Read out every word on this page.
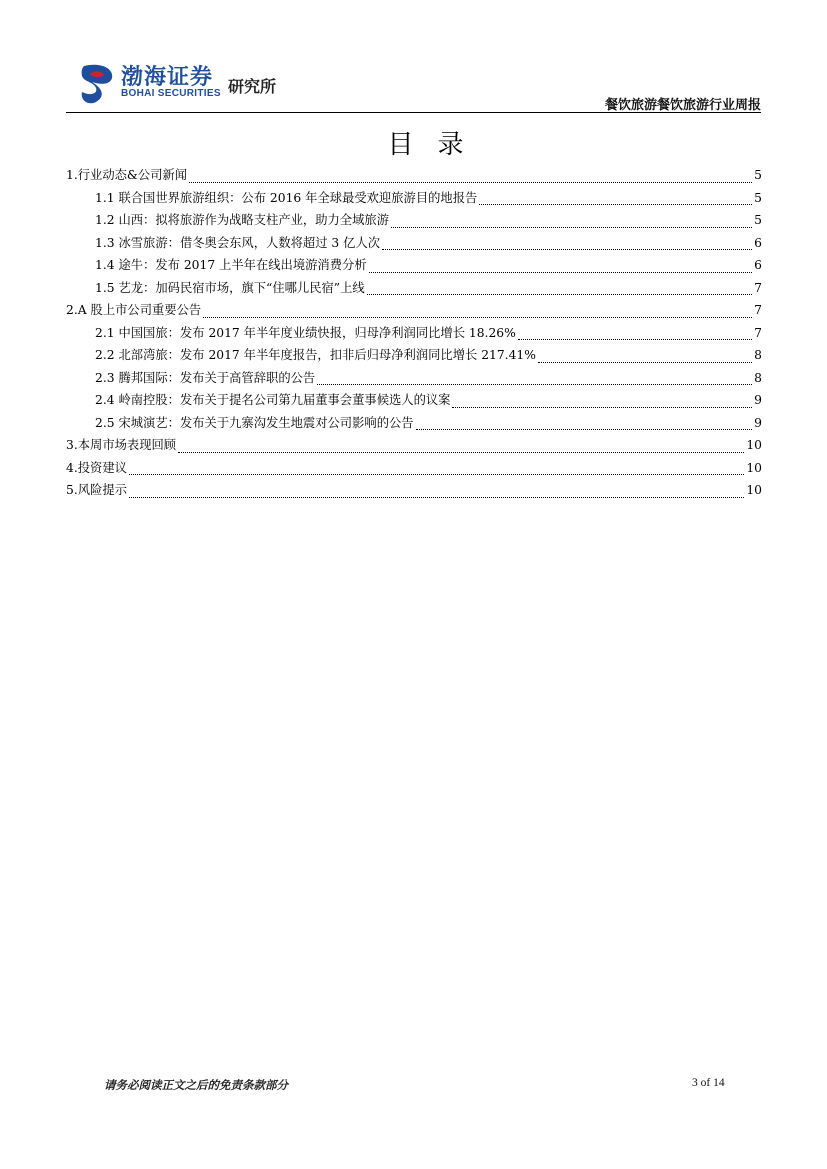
渤海证券
BOHAI SECURITIES 研究所
餐饮旅游餐饮旅游行业周报
目录
1.行业动态&公司新闻	5
1.1 联合国世界旅游组织：公布 2016 年全球最受欢迎旅游目的地报告	5
1.2 山西：拟将旅游作为战略支柱产业，助力全域旅游	5
1.3 冰雪旅游：借冬奥会东风，人数将超过 3 亿人次	6
1.4 途牛：发布 2017 上半年在线出境游消费分析	6
1.5 艺龙：加码民宿市场，旗下“住哪儿民宿”上线	7
2.A 股上市公司重要公告	7
2.1 中国国旅：发布 2017 年半年度业绩快报，归母净利润同比增长 18.26%	7
2.2 北部湾旅：发布 2017 年半年度报告，扣非后归母净利润同比增长 217.41%	8
2.3 腾邦国际：发布关于高管辞职的公告	8
2.4 岭南控股：发布关于提名公司第九届董事会董事候选人的议案	9
2.5 宋城演艺：发布关于九寨沟发生地震对公司影响的公告	9
3.本周市场表现回顾	10
4.投资建议	10
5.风险提示	10
请务必阅读正文之后的免责条款部分	3 of 14
